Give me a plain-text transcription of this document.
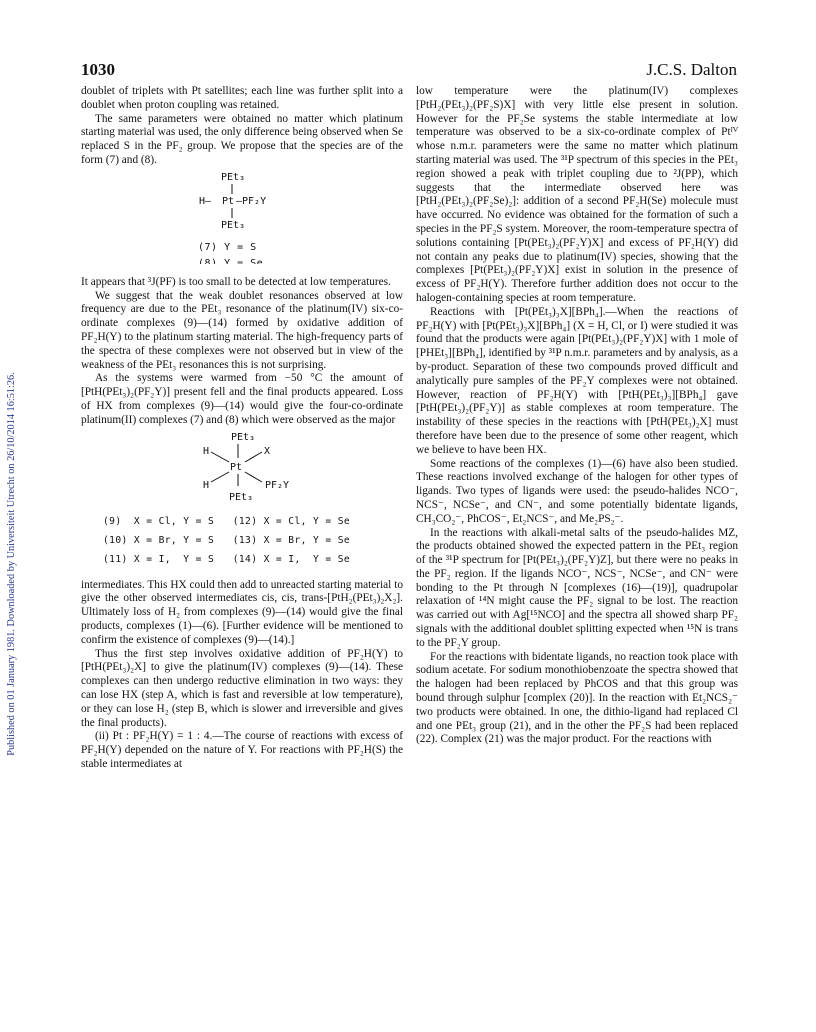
1030	J.C.S. Dalton
Published on 01 January 1981. Downloaded by Universiteit Utrecht on 26/10/2014 16:51:26.

doublet of triplets with Pt satellites; each line was further split into a doublet when proton coupling was retained.

The same parameters were obtained no matter which platinum starting material was used, the only difference being observed when Se replaced S in the PF₂ group. We propose that the species are of the form (7) and (8).

PEt₃
H— Pt —PF₂Y
PEt₃
(7) Y = S
(8) Y = Se

It appears that ³J(PF) is too small to be detected at low temperatures.

We suggest that the weak doublet resonances observed at low frequency are due to the PEt₃ resonance of the platinum(IV) six-co-ordinate complexes (9)—(14) formed by oxidative addition of PF₂H(Y) to the platinum starting material. The high-frequency parts of the spectra of these complexes were not observed but in view of the weakness of the PEt₃ resonances this is not surprising.

As the systems were warmed from −50 °C the amount of [PtH(PEt₃)₂(PF₂Y)] present fell and the final products appeared. Loss of HX from complexes (9)—(14) would give the four-co-ordinate platinum(II) complexes (7) and (8) which were observed as the major

PEt₃
X
H
Pt
H	PF₂Y
PEt₃
(9)  X = Cl, Y = S (12) X = Cl, Y = Se
(10) X = Br, Y = S (13) X = Br, Y = Se
(11) X = I,  Y = S (14) X = I,  Y = Se

intermediates. This HX could then add to unreacted starting material to give the other observed intermediates cis, cis, trans-[PtH₂(PEt₃)₂X₂]. Ultimately loss of H₂ from complexes (9)—(14) would give the final products, complexes (1)—(6). [Further evidence will be mentioned to confirm the existence of complexes (9)—(14).]

Thus the first step involves oxidative addition of PF₂H(Y) to [PtH(PEt₃)₂X] to give the platinum(IV) complexes (9)—(14). These complexes can then undergo reductive elimination in two ways: they can lose HX (step A, which is fast and reversible at low temperature), or they can lose H₂ (step B, which is slower and irreversible and gives the final products).

(ii) Pt : PF₂H(Y) = 1 : 4.—The course of reactions with excess of PF₂H(Y) depended on the nature of Y. For reactions with PF₂H(S) the stable intermediates at

low temperature were the platinum(IV) complexes [PtH₂(PEt₃)₂(PF₂S)X] with very little else present in solution. However for the PF₂Se systems the stable intermediate at low temperature was observed to be a six-co-ordinate complex of Ptᴵⱽ whose n.m.r. parameters were the same no matter which platinum starting material was used. The ³¹P spectrum of this species in the PEt₃ region showed a peak with triplet coupling due to ²J(PP), which suggests that the intermediate observed here was [PtH₂(PEt₃)₂(PF₂Se)₂]: addition of a second PF₂H(Se) molecule must have occurred. No evidence was obtained for the formation of such a species in the PF₂S system. Moreover, the room-temperature spectra of solutions containing [Pt(PEt₃)₂(PF₂Y)X] and excess of PF₂H(Y) did not contain any peaks due to platinum(IV) species, showing that the complexes [Pt(PEt₃)₂(PF₂Y)X] exist in solution in the presence of excess of PF₂H(Y). Therefore further addition does not occur to the halogen-containing species at room temperature.

Reactions with [Pt(PEt₃)₃X][BPh₄].—When the reactions of PF₂H(Y) with [Pt(PEt₃)₃X][BPh₄] (X = H, Cl, or I) were studied it was found that the products were again [Pt(PEt₃)₂(PF₂Y)X] with 1 mole of [PHEt₃][BPh₄], identified by ³¹P n.m.r. parameters and by analysis, as a by-product. Separation of these two compounds proved difficult and analytically pure samples of the PF₂Y complexes were not obtained. However, reaction of PF₂H(Y) with [PtH(PEt₃)₃][BPh₄] gave [PtH(PEt₃)₂(PF₂Y)] as stable complexes at room temperature. The instability of these species in the reactions with [PtH(PEt₃)₂X] must therefore have been due to the presence of some other reagent, which we believe to have been HX.

Some reactions of the complexes (1)—(6) have also been studied. These reactions involved exchange of the halogen for other types of ligands. Two types of ligands were used: the pseudo-halides NCO⁻, NCS⁻, NCSe⁻, and CN⁻, and some potentially bidentate ligands, CH₃CO₂⁻, PhCOS⁻, Et₂NCS⁻, and Me₂PS₂⁻.

In the reactions with alkali-metal salts of the pseudo-halides MZ, the products obtained showed the expected pattern in the PEt₃ region of the ³¹P spectrum for [Pt(PEt₃)₂(PF₂Y)Z], but there were no peaks in the PF₂ region. If the ligands NCO⁻, NCS⁻, NCSe⁻, and CN⁻ were bonding to the Pt through N [complexes (16)—(19)], quadrupolar relaxation of ¹⁴N might cause the PF₂ signal to be lost. The reaction was carried out with Ag[¹⁵NCO] and the spectra all showed sharp PF₂ signals with the additional doublet splitting expected when ¹⁵N is trans to the PF₂Y group.

For the reactions with bidentate ligands, no reaction took place with sodium acetate. For sodium monothiobenzoate the spectra showed that the halogen had been replaced by PhCOS and that this group was bound through sulphur [complex (20)]. In the reaction with Et₂NCS₂⁻ two products were obtained. In one, the dithio-ligand had replaced Cl and one PEt₃ group (21), and in the other the PF₂S had been replaced (22). Complex (21) was the major product. For the reactions with
